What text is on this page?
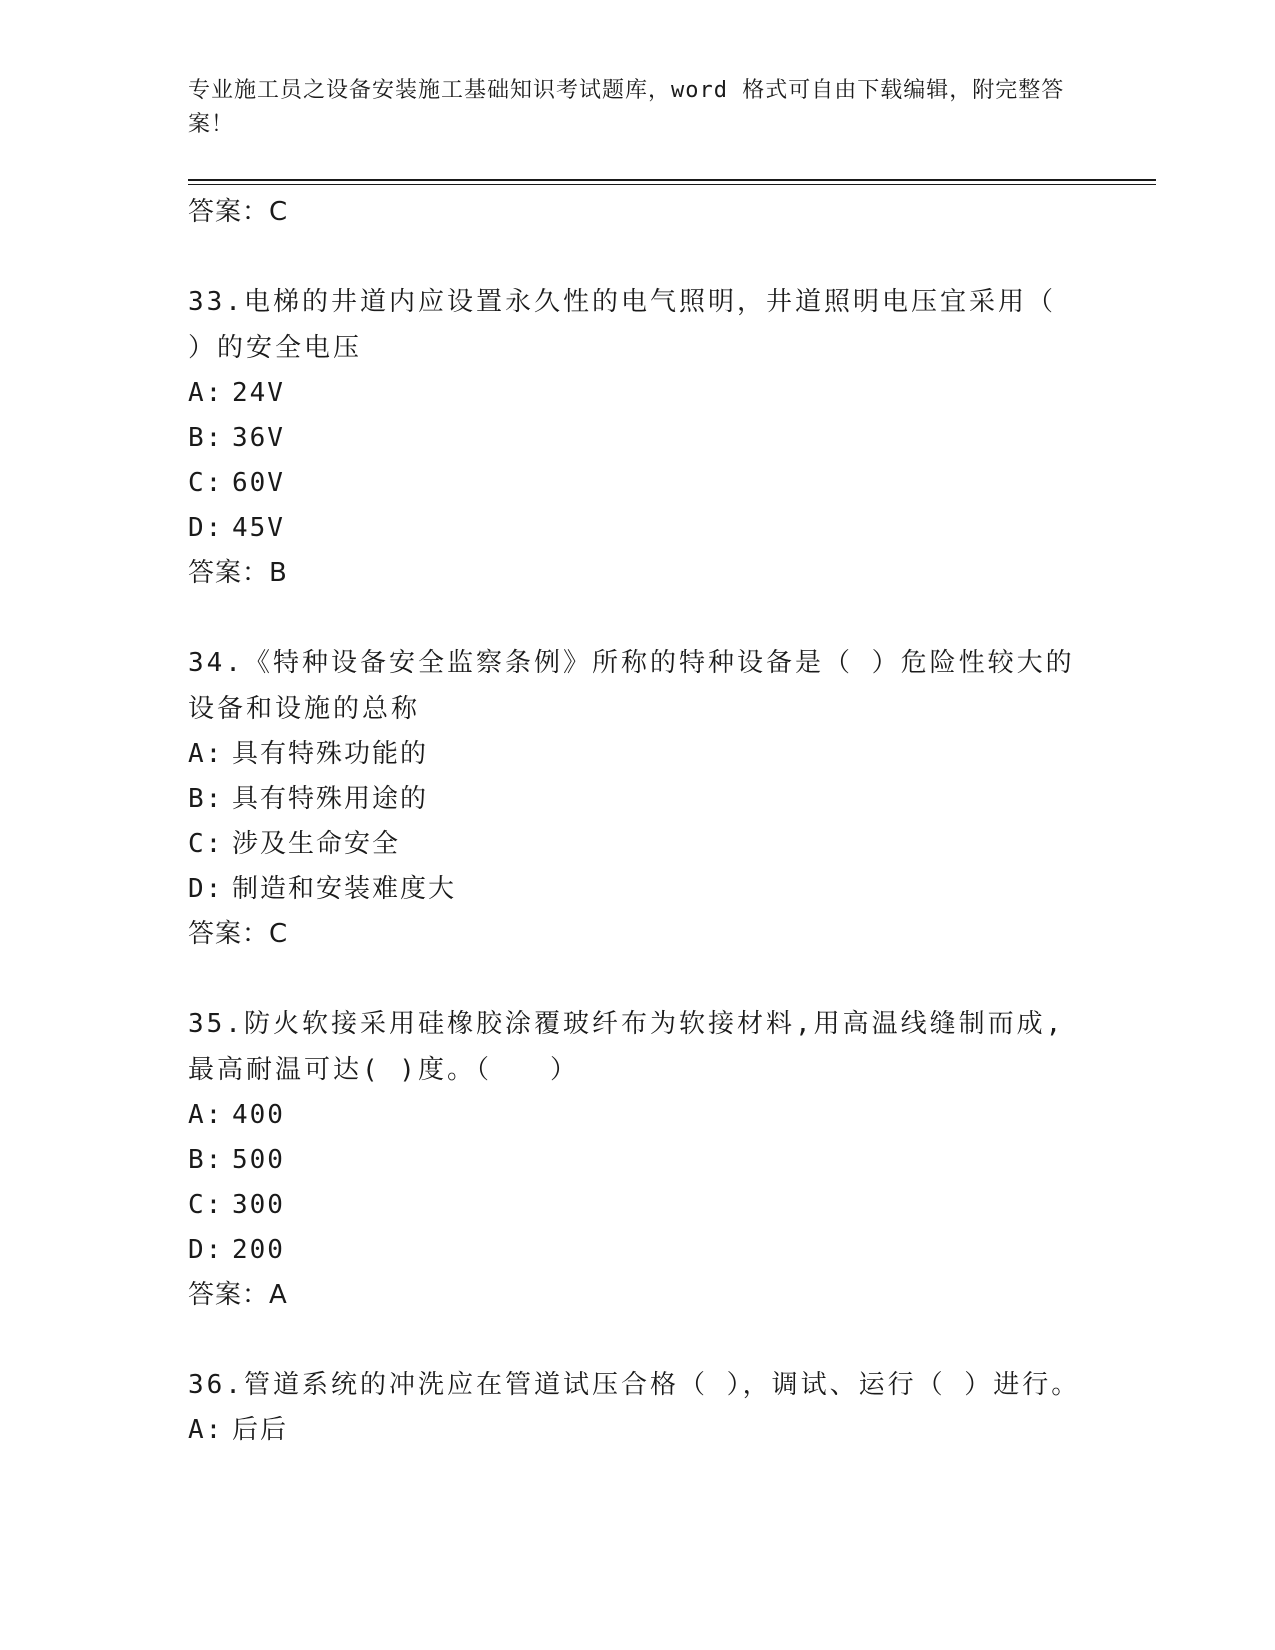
专业施工员之设备安装施工基础知识考试题库，word 格式可自由下载编辑，附完整答案！
答案：C
33.电梯的井道内应设置永久性的电气照明，井道照明电压宜采用（ ）的安全电压
A: 24V
B: 36V
C: 60V
D: 45V
答案：B
34.《特种设备安全监察条例》所称的特种设备是（ ）危险性较大的设备和设施的总称
A: 具有特殊功能的
B: 具有特殊用途的
C: 涉及生命安全
D: 制造和安装难度大
答案：C
35.防火软接采用硅橡胶涂覆玻纤布为软接材料,用高温线缝制而成,最高耐温可达( )度。（　　）
A: 400
B: 500
C: 300
D: 200
答案：A
36.管道系统的冲洗应在管道试压合格（ ），调试、运行（ ）进行。
A: 后后
